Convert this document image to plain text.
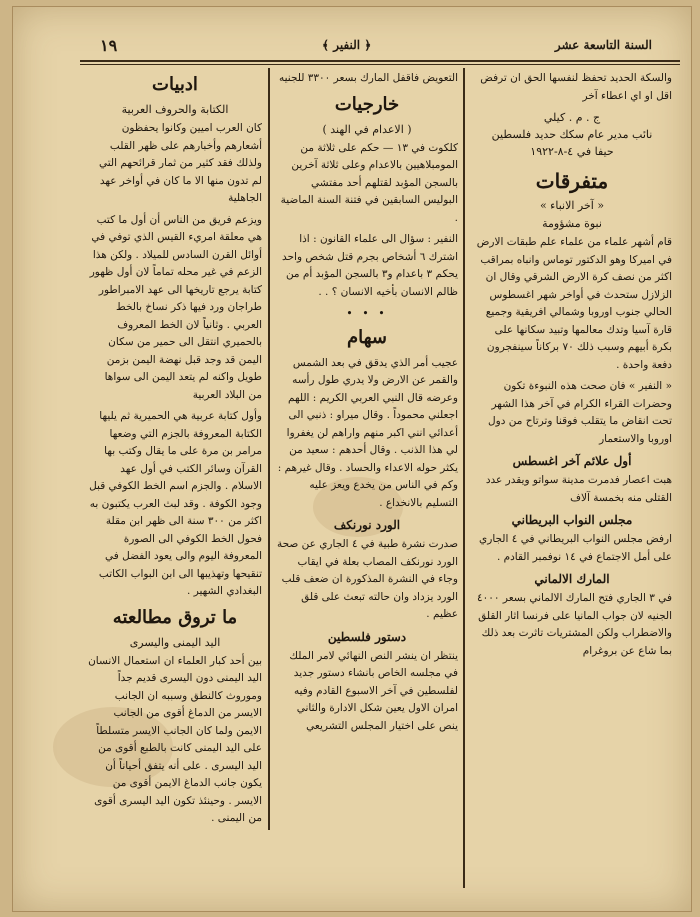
١٩	﴿ النفير ﴾	السنة التاسعة عشر

والسكة الحديد تحفظ لنفسها الحق ان ترفض اقل او اي اعطاء آخر

ج . م . كيلي
نائب مدير عام سكك حديد فلسطين
حيفا في ٤-٨-١٩٢٢
متفرقات
« آخر الانباء »
نبوة مشؤومة

قام أشهر علماء من علماء علم طبقات الارض في اميركا وهو الدكتور توماس وانباه بمراقب اكثر من نصف كرة الارض الشرقي وقال ان الزلازل ستحدث في أواخر شهر اغسطوس الحالي جنوب اوروبا وشمالي افريقية وجميع قارة آسيا وتدك معالمها وتبيد سكانها على بكرة أبيهم وسبب ذلك ٧٠ بركاناً سينفجرون دفعة واحدة .

« النفير » فان صحت هذه النبوءة تكون وحضرات القراء الكرام في آخر هذا الشهر تحت انقاض ما يتقلب فوقنا وترتاح من دول اوروبا والاستعمار

أول علائم آخر اغسطس

هبت اعصار فدمرت مدينة سواتو ويقدر عدد القتلى منه بخمسة آلاف

مجلس النواب البريطاني

ارفض مجلس النواب البريطاني في ٤ الجاري على أمل الاجتماع في ١٤ نوفمبر القادم .

المارك الالماني

في ٣ الجاري فتح المارك الالماني بسعر ٤٠٠٠ الجنيه لان جواب المانيا على فرنسا اثار القلق والاضطراب ولكن المشتريات تاثرت بعد ذلك بما شاع عن بروغرام

التعويض فاقفل المارك بسعر ٣٣٠٠ للجنيه

خارجيات
( الاعدام في الهند )

كلكوت في ١٣ — حكم على ثلاثة من المومبلاهيين بالاعدام وعلى ثلاثة آخرين بالسجن المؤبد لقتلهم أحد مفتشي البوليس السابقين في فتنة السنة الماضية .

النفير : سؤال الى علماء القانون : اذا اشترك ٦ أشخاص بجرم قتل شخص واحد يحكم ٣ باعدام و٣ بالسجن المؤبد أم من ظالم الانسان بأخيه الانسان ؟ . .

• • •
سهام

عجيب أمر الذي يدقق في بعد الشمس والقمر عن الارض ولا يدري طول رأسه وعرضه قال النبي العربي الكريم : اللهم اجعلني محموداً . وقال ميراو : ذنبي الى أعدائي انني اكبر منهم واراهم لن يغفروا لي هذا الذنب . وقال أحدهم : سعيد من يكثر حوله الاعداء والحساد . وقال غيرهم : وكم في الناس من يخدع ويعز عليه التسليم بالانخداع .

الورد نورنكف

صدرت نشرة طبية في ٤ الجاري عن صحة الورد نورنكف المصاب بعلة في ايقاب وجاء في النشرة المذكورة ان ضعف قلب الورد يزداد وان حالته تبعث على قلق عظيم .

دستور فلسطين

ينتظر ان ينشر النص النهائي لامر الملك في مجلسه الخاص بانشاء دستور جديد لفلسطين في آخر الاسبوع القادم وفيه امران الاول يعين شكل الادارة والثاني ينص على اختيار المجلس التشريعي

ادبيات
الكتابة والحروف العربية

كان العرب اميين وكانوا يحفظون أشعارهم وأخبارهم على ظهر القلب ولذلك فقد كثير من ثمار قرائحهم التي لم تدون منها الا ما كان في أواخر عهد الجاهلية

ويزعم فريق من الناس أن أول ما كتب هي معلقة امريء القيس الذي توفي في أوائل القرن السادس للميلاد . ولكن هذا الزعم في غير محله تماماً لان أول ظهور كتابة يرجع تاريخها الى عهد الامبراطور طراجان ورد فيها ذكر نساخ بالخط العربي . وثانياً لان الخط المعروف بالحميري انتقل الى حمير من سكان اليمن قد وجد قبل نهضة اليمن بزمن طويل واكنه لم يتعد اليمن الى سواها من البلاد العربية

وأول كتابة عربية هي الحميرية ثم يليها الكتابة المعروفة بالجزم التي وضعها مرامر بن مرة على ما يقال وكتب بها القرآن وسائر الكتب في أول عهد الاسلام . والجزم اسم الخط الكوفي قبل وجود الكوفة . وقد لبث العرب يكتبون به اكثر من ٣٠٠ سنة الى ظهر ابن مقلة فحول الخط الكوفي الى الصورة المعروفة اليوم والى يعود الفضل في تنقيحها وتهذيبها الى ابن البواب الكاتب البغدادي الشهير .

ما تروق مطالعته
اليد اليمنى واليسرى

بين أحد كبار العلماء ان استعمال الانسان اليد اليمنى دون اليسرى قديم جداً وموروث كالنطق وسببه ان الجانب الايسر من الدماغ أقوى من الجانب الايمن ولما كان الجانب الايسر متسلطاً على اليد اليمنى كانت بالطبع أقوى من اليد اليسرى . على أنه يتفق أحياناً أن يكون جانب الدماغ الايمن أقوى من الايسر . وحينئذ تكون اليد اليسرى أقوى من اليمنى .
